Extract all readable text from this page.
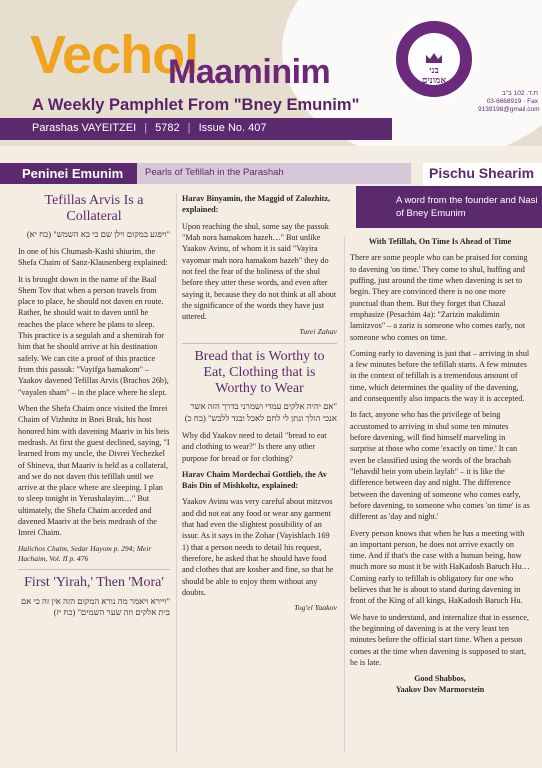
Vechol
Maaminim
A Weekly Pamphlet From "Bney Emunim"
Parashas VAYEITZEI | 5782 | Issue No. 407
בני אמונים
ת.ד. 102 ב"ב
03-6668919 · Fax
9139198@gmail.com
Peninei Emunim	Pearls of Tefillah in the Parashah	Pischu Shearim
A word from the founder and Nasi of Bney Emunim
Tefillas Arvis Is a Collateral

"ויפגע במקום וילן שם כי בא השמש" (כח יא)

In one of his Chumash-Kashi shiurim, the Shefa Chaim of Sanz-Klausenberg explained:

It is brought down in the name of the Baal Shem Tov that when a person travels from place to place, he should not daven en route. Rather, he should wait to daven until he reaches the place where he plans to sleep. This practice is a segulah and a shemirah for him that he should arrive at his destination safely. We can cite a proof of this practice from this passuk: "Vayifga bamakom" – Yaakov davened Tefillas Arvis (Brachos 26b), "vayalen sham" – in the place where he slept.

When the Shefa Chaim once visited the Imrei Chaim of Vizhnitz in Bnei Brak, his host honored him with davening Maariv in his beis medrash. At first the guest declined, saying, "I learned from my uncle, the Divrei Yechezkel of Shineva, that Maariv is held as a collateral, and we do not daven this tefillah until we arrive at the place where are sleeping. I plan to sleep tonight in Yerushalayim…" But ultimately, the Shefa Chaim acceded and davened Maariv at the beis medrash of the Imrei Chaim.

Halichos Chaim, Sedar Hayom p. 294; Meir Hachaim, Vol. II p. 476

First 'Yirah,' Then 'Mora'

"ויירא ויאמר מה נורא המקום הזה אין זה כי אם בית אלקים וזה שער השמים" (כח יז)

Harav Binyamin, the Maggid of Zalozhitz, explained:

Upon reaching the shul, some say the passuk "Mah nora hamakom hazeh…" But unlike Yaakov Avinu, of whom it is said "Vayira vayomar mah nora hamakom hazeh" they do not feel the fear of the holiness of the shul before they utter these words, and even after saying it, because they do not think at all about the significance of the words they have just uttered.

Turei Zahav

Bread that is Worthy to Eat, Clothing that is Worthy to Wear

"אם יהיה אלקים עמדי ושמרני בדרך הזה אשר אנכי הולך ונתן לי לחם לאכל ובגד ללבש" (כח כ)

Why did Yaakov need to detail "bread to eat and clothing to wear?" Is there any other purpose for bread or for clothing?

Harav Chaim Mordechai Gottlieb, the Av Bais Din of Mishkoltz, explained:

Yaakov Avinu was very careful about mitzvos and did not eat any food or wear any garment that had even the slightest possibility of an issur. As it says in the Zohar (Vayishlach 169 1) that a person needs to detail his request, therefore, he asked that he should have food and clothes that are kosher and fine, so that he should be able to enjoy them without any doubts.

Tog'el Yaakov

With Tefillah, On Time Is Ahead of Time

There are some people who can be praised for coming to davening 'on time.' They come to shul, huffing and puffing, just around the time when davening is set to begin. They are convinced there is no one more punctual than them. But they forget that Chazal emphasize (Pesachim 4a): "Zarizin makdimin lamitzvos" – a zariz is someone who comes early, not someone who comes on time.

Coming early to davening is just that – arriving in shul a few minutes before the tefillah starts. A few minutes in the context of tefillah is a tremendous amount of time, which determines the quality of the davening, and consequently also impacts the way it is accepted.

In fact, anyone who has the privilege of being accustomed to arriving in shul some ten minutes before davening, will find himself marveling in surprise at those who come 'exactly on time.' It can even be classified using the words of the brachah "lehavdil bein yom ubein laylah" – it is like the difference between day and night. The difference between the davening of someone who comes early, before davening, to someone who comes 'on time' is as different as 'day and night.'

Every person knows that when he has a meeting with an important person, he does not arrive exactly on time. And if that's the case with a human being, how much more so must it be with HaKadosh Baruch Hu… Coming early to tefillah is obligatory for one who believes that he is about to stand during davening in front of the King of all kings, HaKadosh Baruch Hu.

We have to understand, and internalize that in essence, the beginning of davening is at the very least ten minutes before the official start time. When a person comes at the time when davening is supposed to start, he is late.

Good Shabbos,

Yaakov Dov Marmorstein
